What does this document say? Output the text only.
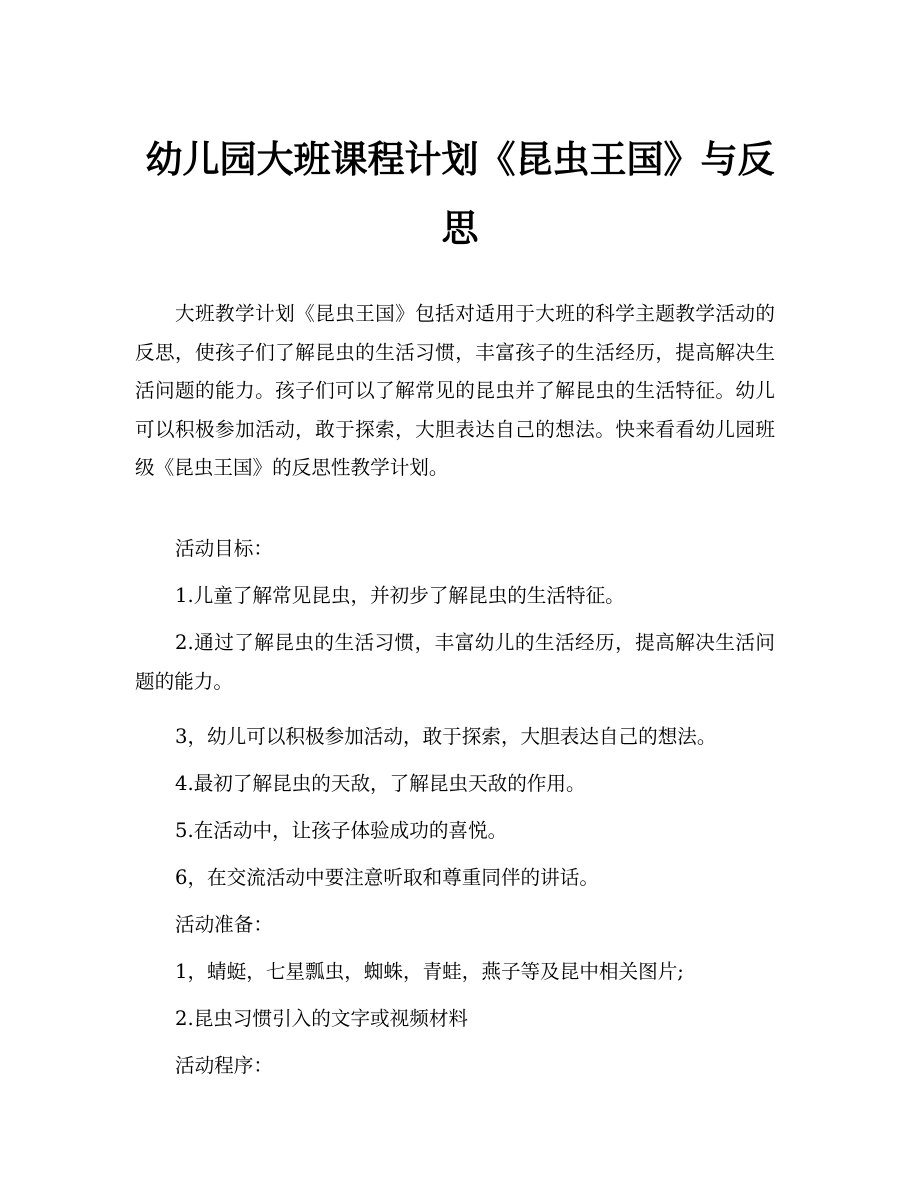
幼儿园大班课程计划《昆虫王国》与反思

大班教学计划《昆虫王国》包括对适用于大班的科学主题教学活动的反思，使孩子们了解昆虫的生活习惯，丰富孩子的生活经历，提高解决生活问题的能力。孩子们可以了解常见的昆虫并了解昆虫的生活特征。幼儿可以积极参加活动，敢于探索，大胆表达自己的想法。快来看看幼儿园班级《昆虫王国》的反思性教学计划。

活动目标：

1.儿童了解常见昆虫，并初步了解昆虫的生活特征。

2.通过了解昆虫的生活习惯，丰富幼儿的生活经历，提高解决生活问题的能力。

3，幼儿可以积极参加活动，敢于探索，大胆表达自己的想法。

4.最初了解昆虫的天敌，了解昆虫天敌的作用。

5.在活动中，让孩子体验成功的喜悦。

6，在交流活动中要注意听取和尊重同伴的讲话。

活动准备：

1，蜻蜓，七星瓢虫，蜘蛛，青蛙，燕子等及昆中相关图片;

2.昆虫习惯引入的文字或视频材料

活动程序：
